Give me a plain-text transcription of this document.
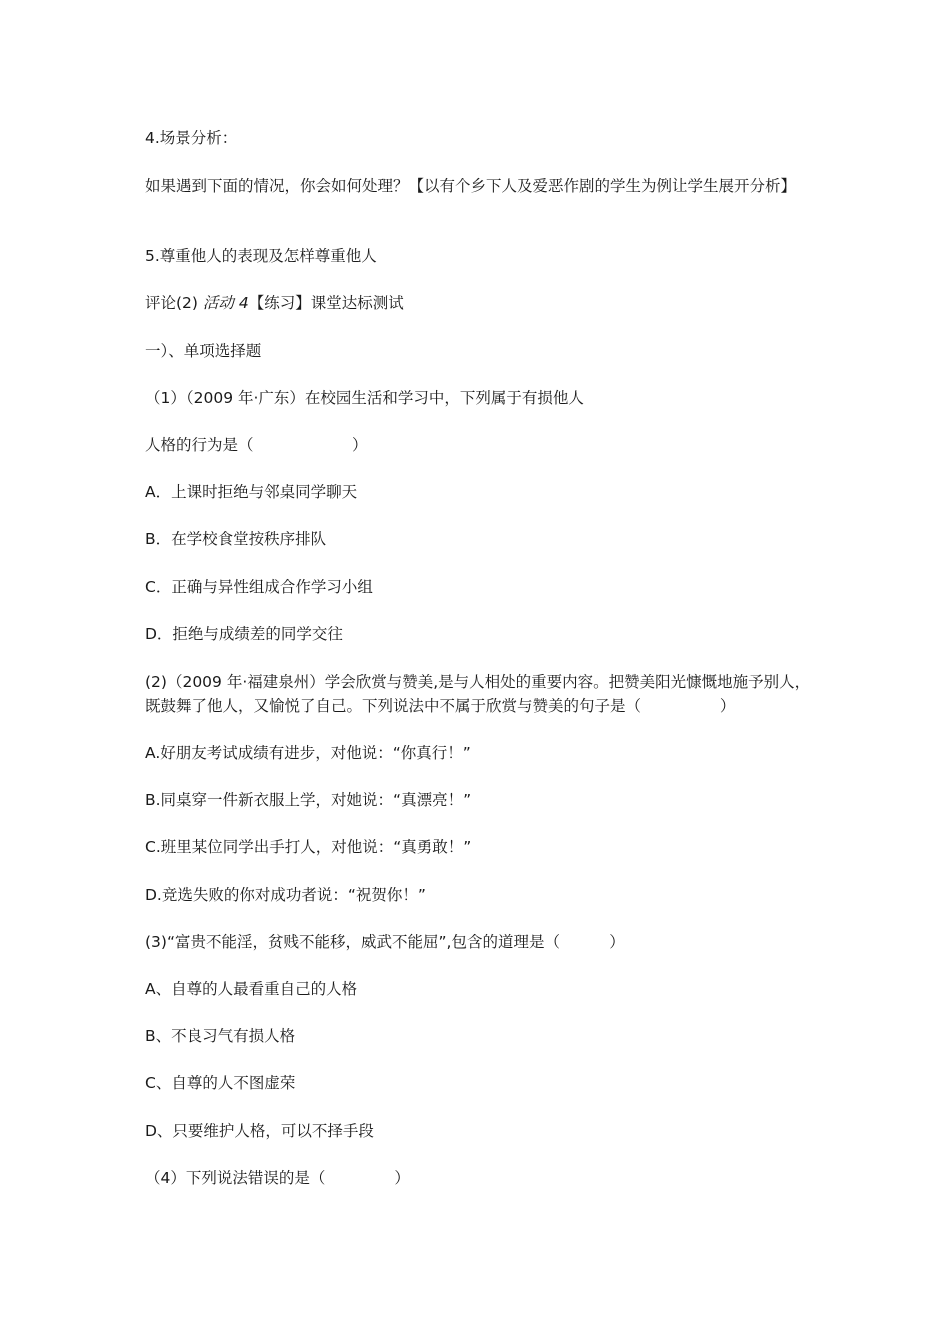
4.场景分析：

如果遇到下面的情况，你会如何处理？【以有个乡下人及爱恶作剧的学生为例让学生展开分析】

5.尊重他人的表现及怎样尊重他人

评论(2) 活动 4【练习】课堂达标测试

一）、单项选择题

（1）（2009 年·广东）在校园生活和学习中，下列属于有损他人

人格的行为是（                    ）

A．上课时拒绝与邻桌同学聊天

B．在学校食堂按秩序排队

C．正确与异性组成合作学习小组

D．拒绝与成绩差的同学交往

(2)（2009 年·福建泉州）学会欣赏与赞美,是与人相处的重要内容。把赞美阳光慷慨地施予别人，既鼓舞了他人，又愉悦了自己。下列说法中不属于欣赏与赞美的句子是（                ）

A.好朋友考试成绩有进步，对他说：“你真行！”

B.同桌穿一件新衣服上学，对她说：“真漂亮！”

C.班里某位同学出手打人，对他说：“真勇敢！”

D.竞选失败的你对成功者说：“祝贺你！”

(3)“富贵不能淫，贫贱不能移，威武不能屈”,包含的道理是（          ）

A、自尊的人最看重自己的人格

B、不良习气有损人格

C、自尊的人不图虚荣

D、只要维护人格，可以不择手段

（4）下列说法错误的是（              ）
